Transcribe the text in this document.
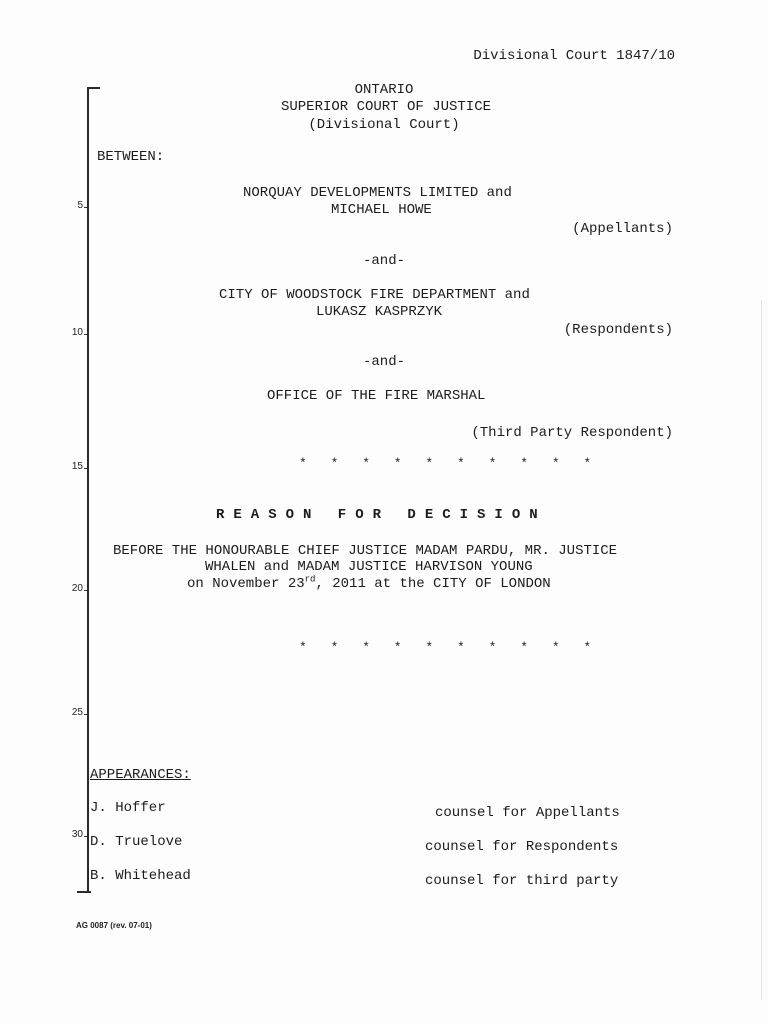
5
10
15
20
25
30
Divisional Court 1847/10
ONTARIO
SUPERIOR COURT OF JUSTICE
(Divisional Court)
BETWEEN:
NORQUAY DEVELOPMENTS LIMITED and
MICHAEL HOWE
(Appellants)
-and-
CITY OF WOODSTOCK FIRE DEPARTMENT and
LUKASZ KASPRZYK
(Respondents)
-and-
OFFICE OF THE FIRE MARSHAL
(Third Party Respondent)
* * * * * * * * * *
REASON FOR DECISION
BEFORE THE HONOURABLE CHIEF JUSTICE MADAM PARDU, MR. JUSTICE
WHALEN and MADAM JUSTICE HARVISON YOUNG
on November 23rd, 2011 at the CITY OF LONDON
* * * * * * * * * *
APPEARANCES:
J. Hoffer	counsel for Appellants
D. Truelove	counsel for Respondents
B. Whitehead	counsel for third party
AG 0087 (rev. 07-01)
